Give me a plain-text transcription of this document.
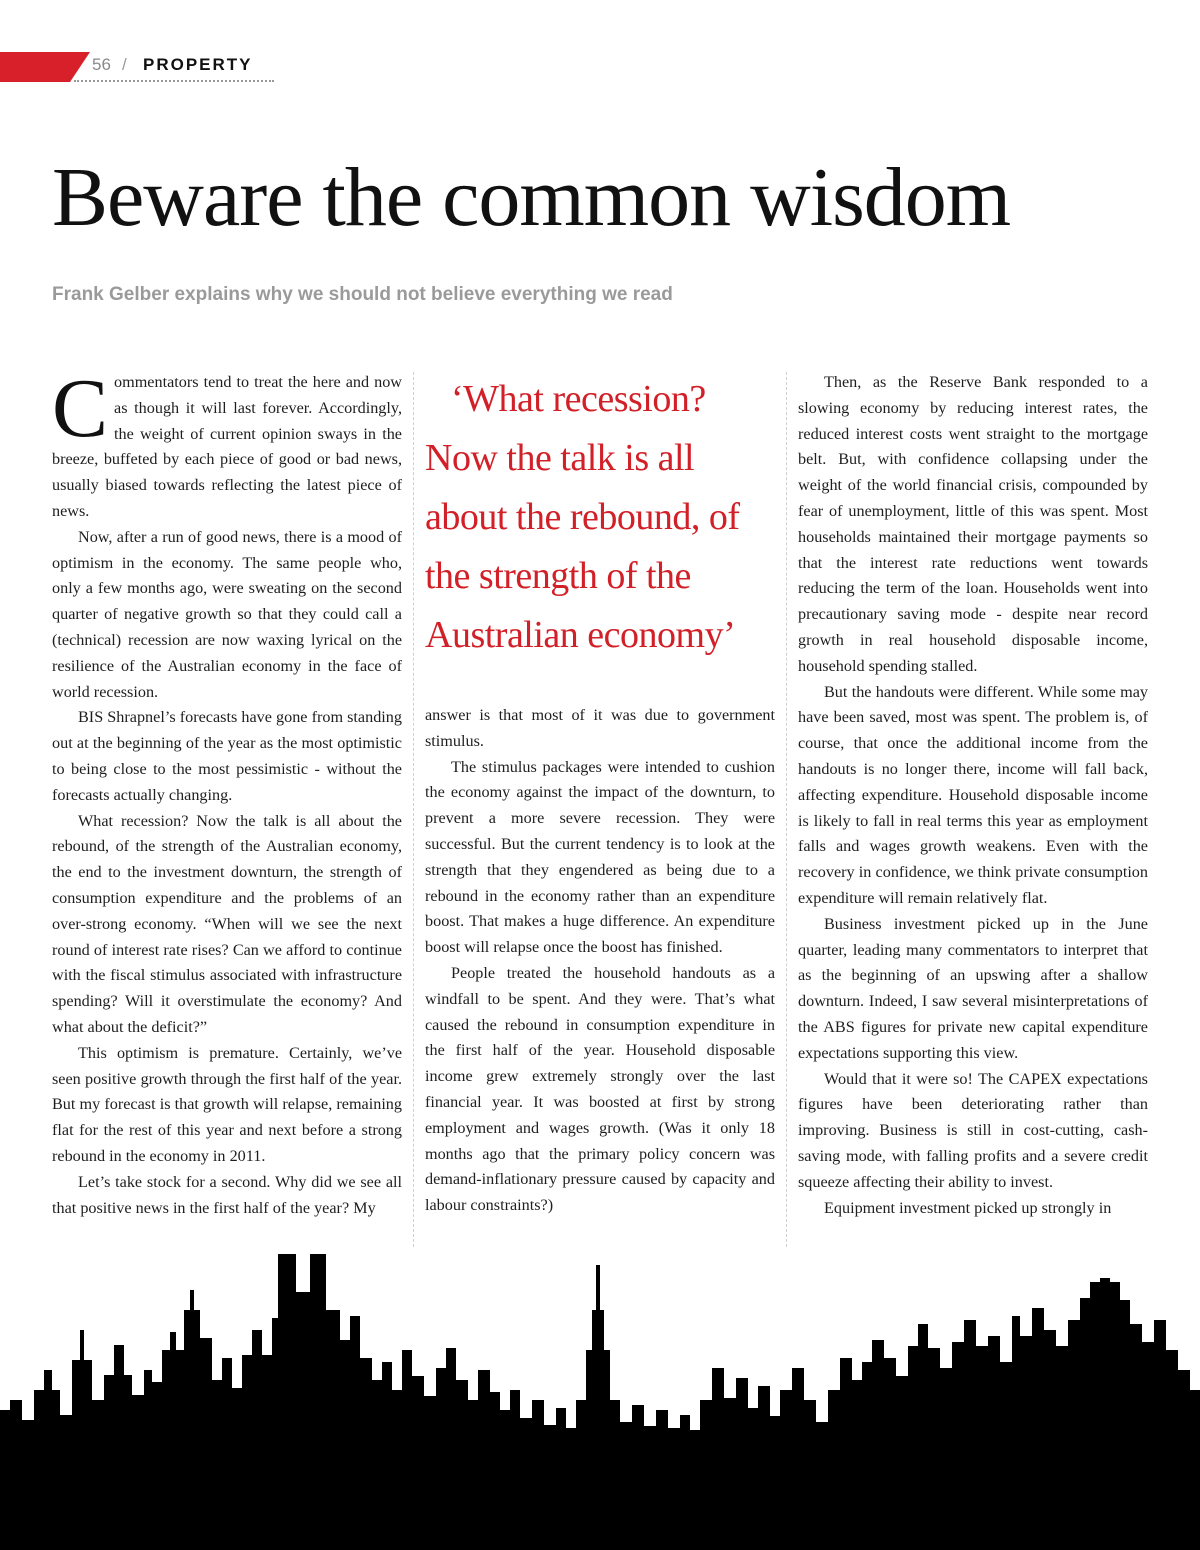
56 / PROPERTY
Beware the common wisdom

Frank Gelber explains why we should not believe everything we read

Commentators tend to treat the here and now as though it will last forever. Accordingly, the weight of current opinion sways in the breeze, buffeted by each piece of good or bad news, usually biased towards reflecting the latest piece of news.

Now, after a run of good news, there is a mood of optimism in the economy. The same people who, only a few months ago, were sweating on the second quarter of negative growth so that they could call a (technical) recession are now waxing lyrical on the resilience of the Australian economy in the face of world recession.

BIS Shrapnel’s forecasts have gone from standing out at the beginning of the year as the most optimistic to being close to the most pessimistic - without the forecasts actually changing.

What recession? Now the talk is all about the rebound, of the strength of the Australian economy, the end to the investment downturn, the strength of consumption expenditure and the problems of an over-strong economy. “When will we see the next round of interest rate rises? Can we afford to continue with the fiscal stimulus associated with infrastructure spending? Will it overstimulate the economy? And what about the deficit?”

This optimism is premature. Certainly, we’ve seen positive growth through the first half of the year. But my forecast is that growth will relapse, remaining flat for the rest of this year and next before a strong rebound in the economy in 2011.

Let’s take stock for a second. Why did we see all that positive news in the first half of the year? My

‘What recession? Now the talk is all about the rebound, of the strength of the Australian economy’

answer is that most of it was due to government stimulus.

The stimulus packages were intended to cushion the economy against the impact of the downturn, to prevent a more severe recession. They were successful. But the current tendency is to look at the strength that they engendered as being due to a rebound in the economy rather than an expenditure boost. That makes a huge difference. An expenditure boost will relapse once the boost has finished.

People treated the household handouts as a windfall to be spent. And they were. That’s what caused the rebound in consumption expenditure in the first half of the year. Household disposable income grew extremely strongly over the last financial year. It was boosted at first by strong employment and wages growth. (Was it only 18 months ago that the primary policy concern was demand-inflationary pressure caused by capacity and labour constraints?)

Then, as the Reserve Bank responded to a slowing economy by reducing interest rates, the reduced interest costs went straight to the mortgage belt. But, with confidence collapsing under the weight of the world financial crisis, compounded by fear of unemployment, little of this was spent. Most households maintained their mortgage payments so that the interest rate reductions went towards reducing the term of the loan. Households went into precautionary saving mode - despite near record growth in real household disposable income, household spending stalled.

But the handouts were different. While some may have been saved, most was spent. The problem is, of course, that once the additional income from the handouts is no longer there, income will fall back, affecting expenditure. Household disposable income is likely to fall in real terms this year as employment falls and wages growth weakens. Even with the recovery in confidence, we think private consumption expenditure will remain relatively flat.

Business investment picked up in the June quarter, leading many commentators to interpret that as the beginning of an upswing after a shallow downturn. Indeed, I saw several misinterpretations of the ABS figures for private new capital expenditure expectations supporting this view.

Would that it were so! The CAPEX expectations figures have been deteriorating rather than improving. Business is still in cost-cutting, cash-saving mode, with falling profits and a severe credit squeeze affecting their ability to invest.

Equipment investment picked up strongly in
